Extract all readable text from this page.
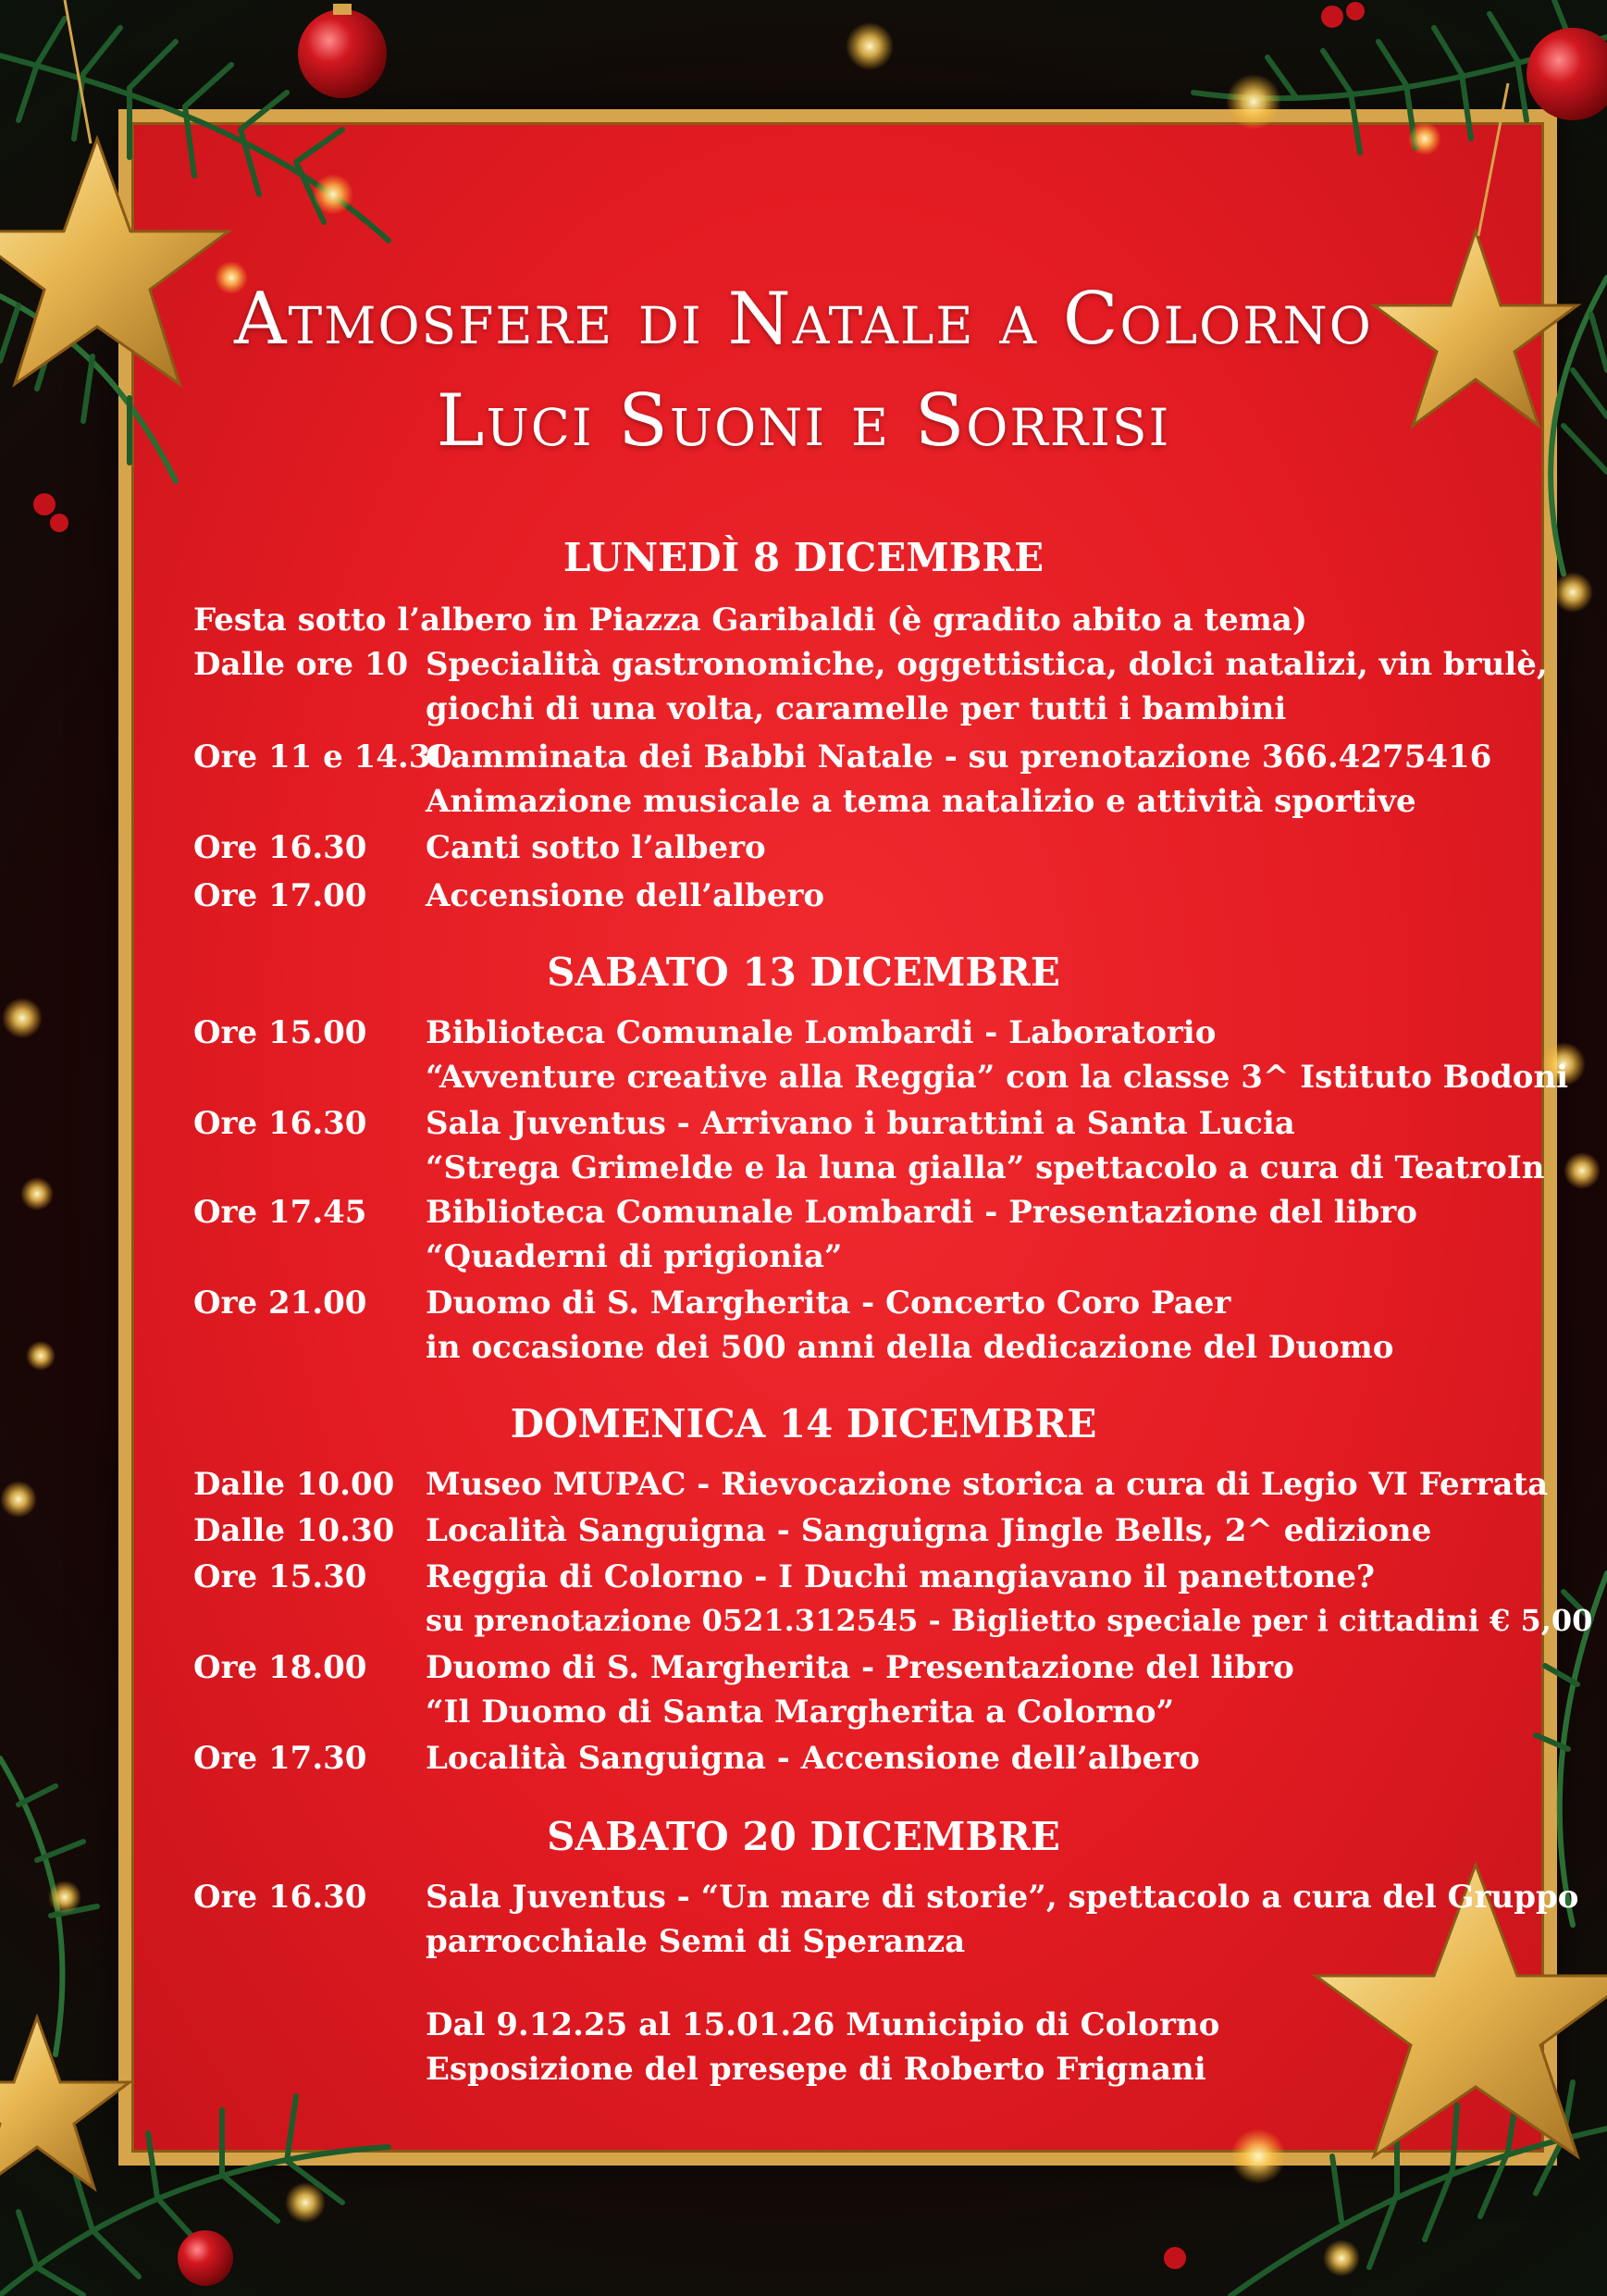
Atmosfere di Natale a Colorno
Luci Suoni e Sorrisi
LUNEDÌ 8 DICEMBRE
Festa sotto l’albero in Piazza Garibaldi (è gradito abito a tema)
Dalle ore 10 Specialità gastronomiche, oggettistica, dolci natalizi, vin brulè,
giochi di una volta, caramelle per tutti i bambini
Ore 11 e 14.30
Camminata dei Babbi Natale - su prenotazione 366.4275416
Animazione musicale a tema natalizio e attività sportive
Ore 16.30 Canti sotto l’albero
Ore 17.00 Accensione dell’albero
SABATO 13 DICEMBRE
Ore 15.00 Biblioteca Comunale Lombardi - Laboratorio
“Avventure creative alla Reggia” con la classe 3^ Istituto Bodoni
Ore 16.30 Sala Juventus - Arrivano i burattini a Santa Lucia
“Strega Grimelde e la luna gialla” spettacolo a cura di TeatroIn
Ore 17.45 Biblioteca Comunale Lombardi - Presentazione del libro
“Quaderni di prigionia”
Ore 21.00 Duomo di S. Margherita - Concerto Coro Paer
in occasione dei 500 anni della dedicazione del Duomo
DOMENICA 14 DICEMBRE
Dalle 10.00 Museo MUPAC - Rievocazione storica a cura di Legio VI Ferrata
Dalle 10.30 Località Sanguigna - Sanguigna Jingle Bells, 2^ edizione
Ore 15.30 Reggia di Colorno - I Duchi mangiavano il panettone?
su prenotazione 0521.312545 - Biglietto speciale per i cittadini € 5,00
Ore 18.00 Duomo di S. Margherita - Presentazione del libro
“Il Duomo di Santa Margherita a Colorno”
Ore 17.30 Località Sanguigna - Accensione dell’albero
SABATO 20 DICEMBRE
Ore 16.30 Sala Juventus - “Un mare di storie”, spettacolo a cura del Gruppo
parrocchiale Semi di Speranza
Dal 9.12.25 al 15.01.26 Municipio di Colorno
Esposizione del presepe di Roberto Frignani
